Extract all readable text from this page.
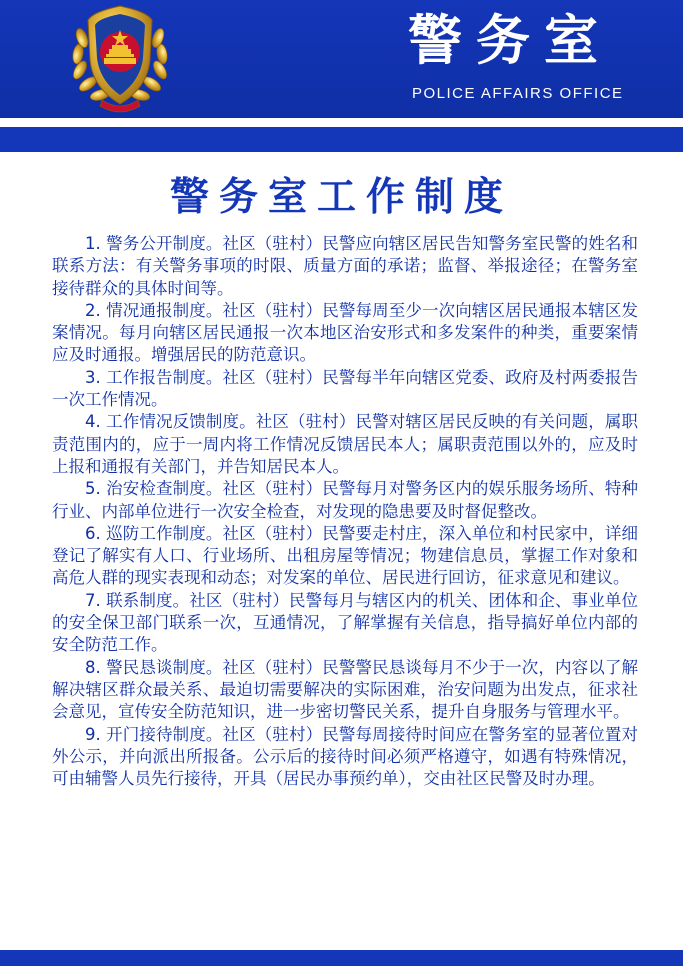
警务室
POLICE AFFAIRS OFFICE
警务室工作制度

1. 警务公开制度。社区（驻村）民警应向辖区居民告知警务室民警的姓名和联系方法：有关警务事项的时限、质量方面的承诺；监督、举报途径；在警务室接待群众的具体时间等。

2. 情况通报制度。社区（驻村）民警每周至少一次向辖区居民通报本辖区发案情况。每月向辖区居民通报一次本地区治安形式和多发案件的种类，重要案情应及时通报。增强居民的防范意识。

3. 工作报告制度。社区（驻村）民警每半年向辖区党委、政府及村两委报告一次工作情况。

4. 工作情况反馈制度。社区（驻村）民警对辖区居民反映的有关问题，属职责范围内的，应于一周内将工作情况反馈居民本人；属职责范围以外的，应及时上报和通报有关部门，并告知居民本人。

5. 治安检查制度。社区（驻村）民警每月对警务区内的娱乐服务场所、特种行业、内部单位进行一次安全检查，对发现的隐患要及时督促整改。

6. 巡防工作制度。社区（驻村）民警要走村庄，深入单位和村民家中，详细登记了解实有人口、行业场所、出租房屋等情况；物建信息员，掌握工作对象和高危人群的现实表现和动态；对发案的单位、居民进行回访，征求意见和建议。

7. 联系制度。社区（驻村）民警每月与辖区内的机关、团体和企、事业单位的安全保卫部门联系一次，互通情况，了解掌握有关信息，指导搞好单位内部的安全防范工作。

8. 警民恳谈制度。社区（驻村）民警警民恳谈每月不少于一次，内容以了解解决辖区群众最关系、最迫切需要解决的实际困难，治安问题为出发点，征求社会意见，宣传安全防范知识，进一步密切警民关系，提升自身服务与管理水平。

9. 开门接待制度。社区（驻村）民警每周接待时间应在警务室的显著位置对外公示，并向派出所报备。公示后的接待时间必须严格遵守，如遇有特殊情况，可由辅警人员先行接待，开具（居民办事预约单），交由社区民警及时办理。
